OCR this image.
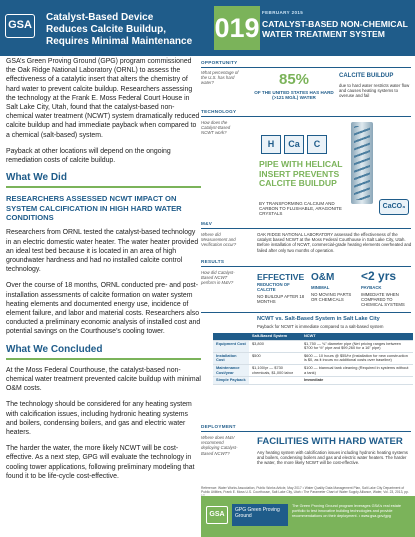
GSA
Catalyst-Based Device Reduces Calcite Buildup, Requires Minimal Maintenance 019
FEBRUARY 2015
CATALYST-BASED NON-CHEMICAL WATER TREATMENT SYSTEM

GSA’s Green Proving Ground (GPG) program commissioned the Oak Ridge National Laboratory (ORNL) to assess the effectiveness of a catalytic insert that alters the chemistry of hard water to prevent calcite buildup. Researchers assessing the technology at the Frank E. Moss Federal Court House in Salt Lake City, Utah, found that the catalyst-based non-chemical water treatment (NCWT) system dramatically reduced calcite buildup and had immediate payback when compared to a chemical (salt-based) system.

Payback at other locations will depend on the ongoing remediation costs of calcite buildup.

What We Did
RESEARCHERS ASSESSED NCWT IMPACT ON SYSTEM CALCIFICATION IN HIGH HARD WATER CONDITIONS

Researchers from ORNL tested the catalyst-based technology in an electric domestic water heater. The water heater provided an ideal test bed because it is located in an area of high groundwater hardness and had no installed calcite control technology.

Over the course of 18 months, ORNL conducted pre- and post-installation assessments of calcite formation on water system heating elements and documented energy use, incidence of element failure, and labor and material costs. Researchers also conducted a preliminary economic analysis of installed cost and potential savings on the Courthouse’s cooling tower.

What We Concluded

At the Moss Federal Courthouse, the catalyst-based non-chemical water treatment prevented calcite buildup with minimal O&M costs.

The technology should be considered for any heating system with calcification issues, including hydronic heating systems and boilers, condensing boilers, and gas and electric water heaters.

The harder the water, the more likely NCWT will be cost-effective. As a next step, GPG will evaluate the technology in cooling tower applications, following preliminary modeling that found it to be life-cycle cost-effective.

OPPORTUNITY
What percentage of the U.S. has hard water?	85%
OF THE UNITED STATES HAS HARD (>121 MG/L) WATER
CALCITE BUILDUP
due to hard water restricts water flow and causes heating systems to overuse and fail
TECHNOLOGY
How does the Catalyst-Based NCWT work?
H	Ca	C
PIPE WITH HELICAL INSERT PREVENTS CALCITE BUILDUP
BY TRANSFORMING CALCIUM AND CARBON TO FLUSHABLE, ARAGONITE CRYSTALS
CaCO₃
M&V
Where did Measurement and Verification occur?
OAK RIDGE NATIONAL LABORATORY assessed the effectiveness of the catalyst based NCWT at the Moss Federal Courthouse in Salt Lake City, Utah. Before installation of NCWT, commercial-grade heating elements overheated and failed after only two months of operation.
RESULTS
How did Catalyst-Based NCWT perform in M&V?
EFFECTIVE
REDUCTION OF CALCITE
NO BUILDUP AFTER 18 MONTHS
O&M
MINIMAL
NO MOVING PARTS OR CHEMICALS
<2 yrs
PAYBACK
IMMEDIATE WHEN COMPARED TO CHEMICAL SYSTEMS
NCWT vs. Salt-Based System in Salt Lake City
Payback for NCWT is immediate compared to a salt-based system
	Salt-Based System	NCWT
Equipment Cost	$3,800	$1,750 — ¾" diameter pipe (Net pricing ranges between $700 for ½" pipe and $99,260 for a 16" pipe)
Installation Cost	$500	$600 — 10 hours @ $55/hr (Installation for new construction is $0, as it incurs no additional costs over baseline)
Maintenance Cost/year	$1,100/yr — $730 chemicals, $1,000 labor	$100 — biannual tank cleaning (Required in systems without a tank)
Simple Payback		Immediate
DEPLOYMENT
Where does M&V recommend deploying Catalyst-Based NCWT?
FACILITIES WITH HARD WATER
Any heating system with calcification issues including hydronic heating systems and boilers, condensing boilers and gas and electric water heaters. The harder the water, the more likely NCWT will be cost-effective.
Reference: Water Works Association, Public Works Article, May 2017 • Water Quality Data Management Plan, Salt Lake City Department of Public Utilities, Frank E. Moss U.S. Courthouse, Salt Lake City, Utah • The Parameter Chart of Water Supply Alliance, Water, Vol. 23, 2013, pp.
GSA
GPG Green Proving Ground
The Green Proving Ground program leverages GSA's real estate portfolio to test innovative building technologies and provide recommendations on their deployment. • www.gsa.gov/gpg
